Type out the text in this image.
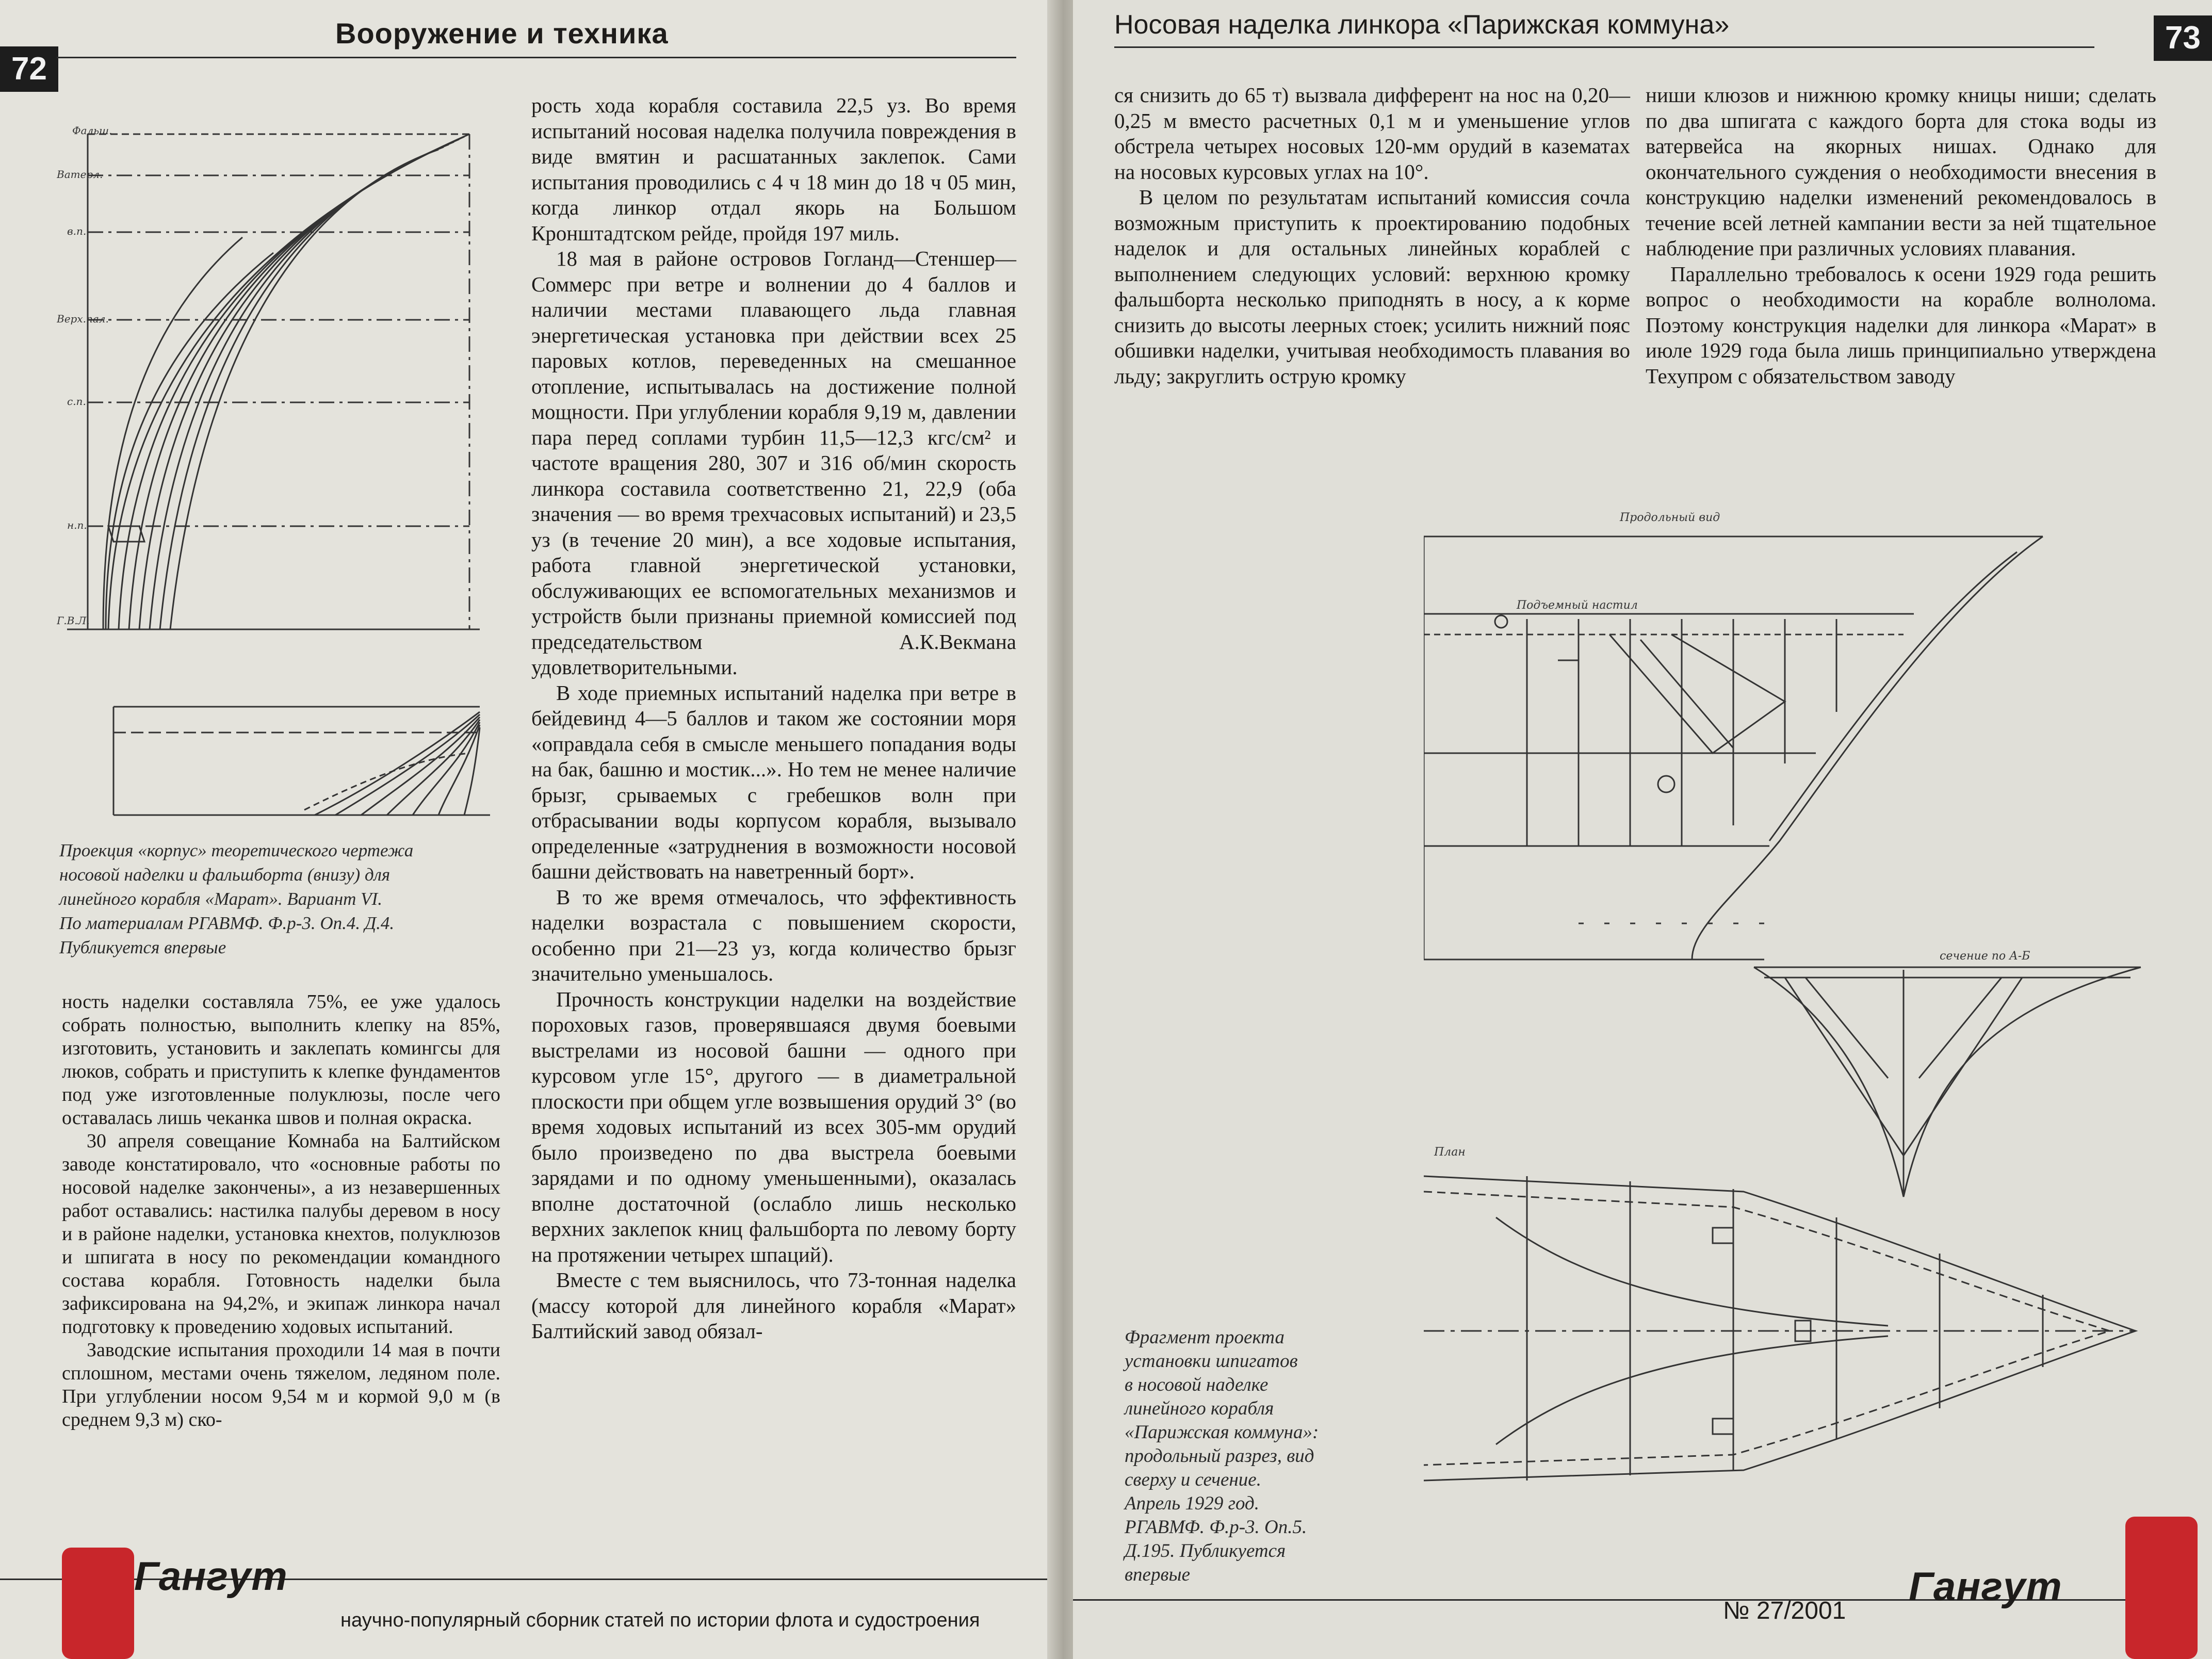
72
Вооружение и техника
Фальш.
Ватерл.
в.п.
Верх.пал.
с.п.
н.п.
Г.В.Л.
Проекция «корпус» теоретического чертежа
носовой наделки и фальшборта (внизу) для
линейного корабля «Марат». Вариант VI.
По материалам РГАВМФ. Ф.р-3. Оп.4. Д.4.
Публикуется впервые

ность наделки составляла 75%, ее уже удалось собрать полностью, выполнить клепку на 85%, изготовить, установить и заклепать комингсы для люков, собрать и приступить к клепке фундаментов под уже изготовленные полуклюзы, после чего оставалась лишь чеканка швов и полная окраска.

30 апреля совещание Комнаба на Балтийском заводе констатировало, что «основные работы по носовой наделке закончены», а из незавершенных работ оставались: настилка палубы деревом в носу и в районе наделки, установка кнехтов, полуклюзов и шпигата в носу по рекомендации командного состава корабля. Готовность наделки была зафиксирована на 94,2%, и экипаж линкора начал подготовку к проведению ходовых испытаний.

Заводские испытания проходили 14 мая в почти сплошном, местами очень тяжелом, ледяном поле. При углублении носом 9,54 м и кормой 9,0 м (в среднем 9,3 м) ско-

рость хода корабля составила 22,5 уз. Во время испытаний носовая наделка получила повреждения в виде вмятин и расшатанных заклепок. Сами испытания проводились с 4 ч 18 мин до 18 ч 05 мин, когда линкор отдал якорь на Большом Кронштадтском рейде, пройдя 197 миль.

18 мая в районе островов Гогланд—Стеншер—Соммерс при ветре и волнении до 4 баллов и наличии местами плавающего льда главная энергетическая установка при действии всех 25 паровых котлов, переведенных на смешанное отопление, испытывалась на достижение полной мощности. При углублении корабля 9,19 м, давлении пара перед соплами турбин 11,5—12,3 кгс/см² и частоте вращения 280, 307 и 316 об/мин скорость линкора составила соответственно 21, 22,9 (оба значения — во время трехчасовых испытаний) и 23,5 уз (в течение 20 мин), а все ходовые испытания, работа главной энергетической установки, обслуживающих ее вспомогательных механизмов и устройств были признаны приемной комиссией под председательством А.К.Векмана удовлетворительными.

В ходе приемных испытаний наделка при ветре в бейдевинд 4—5 баллов и таком же состоянии моря «оправдала себя в смысле меньшего попадания воды на бак, башню и мостик...». Но тем не менее наличие брызг, срываемых с гребешков волн при отбрасывании воды корпусом корабля, вызывало определенные «затруднения в возможности носовой башни действовать на наветренный борт».

В то же время отмечалось, что эффективность наделки возрастала с повышением скорости, особенно при 21—23 уз, когда количество брызг значительно уменьшалось.

Прочность конструкции наделки на воздействие пороховых газов, проверявшаяся двумя боевыми выстрелами из носовой башни — одного при курсовом угле 15°, другого — в диаметральной плоскости при общем угле возвышения орудий 3° (во время ходовых испытаний из всех 305-мм орудий было произведено по два выстрела боевыми зарядами и по одному уменьшенными), оказалась вполне достаточной (ослабло лишь несколько верхних заклепок книц фальшборта по левому борту на протяжении четырех шпаций).

Вместе с тем выяснилось, что 73-тонная наделка (массу которой для линейного корабля «Марат» Балтийский завод обязал-

Гангут
научно-популярный сборник статей по истории флота и судостроения
Носовая наделка линкора «Парижская коммуна»	73

ся снизить до 65 т) вызвала дифферент на нос на 0,20—0,25 м вместо расчетных 0,1 м и уменьшение углов обстрела четырех носовых 120-мм орудий в казематах на носовых курсовых углах на 10°.

В целом по результатам испытаний комиссия сочла возможным приступить к проектированию подобных наделок и для остальных линейных кораблей с выполнением следующих условий: верхнюю кромку фальшборта несколько приподнять в носу, а к корме снизить до высоты леерных стоек; усилить нижний пояс обшивки наделки, учитывая необходимость плавания во льду; закруглить острую кромку

ниши клюзов и нижнюю кромку кницы ниши; сделать по два шпигата с каждого борта для стока воды из ватервейса на якорных нишах. Однако для окончательного суждения о необходимости внесения в конструкцию наделки изменений рекомендовалось в течение всей летней кампании вести за ней тщательное наблюдение при различных условиях плавания.

Параллельно требовалось к осени 1929 года решить вопрос о необходимости на корабле волнолома. Поэтому конструкция наделки для линкора «Марат» в июле 1929 года была лишь принципиально утверждена Техупром с обязательством заводу

Продольный вид
сечение по А-Б
План
Подъемный настил
Фрагмент проекта
установки шпигатов
в носовой наделке
линейного корабля
«Парижская коммуна»:
продольный разрез, вид
сверху и сечение.
Апрель 1929 год.
РГАВМФ. Ф.р-3. Оп.5.
Д.195. Публикуется
впервые
№ 27/2001
Гангут
